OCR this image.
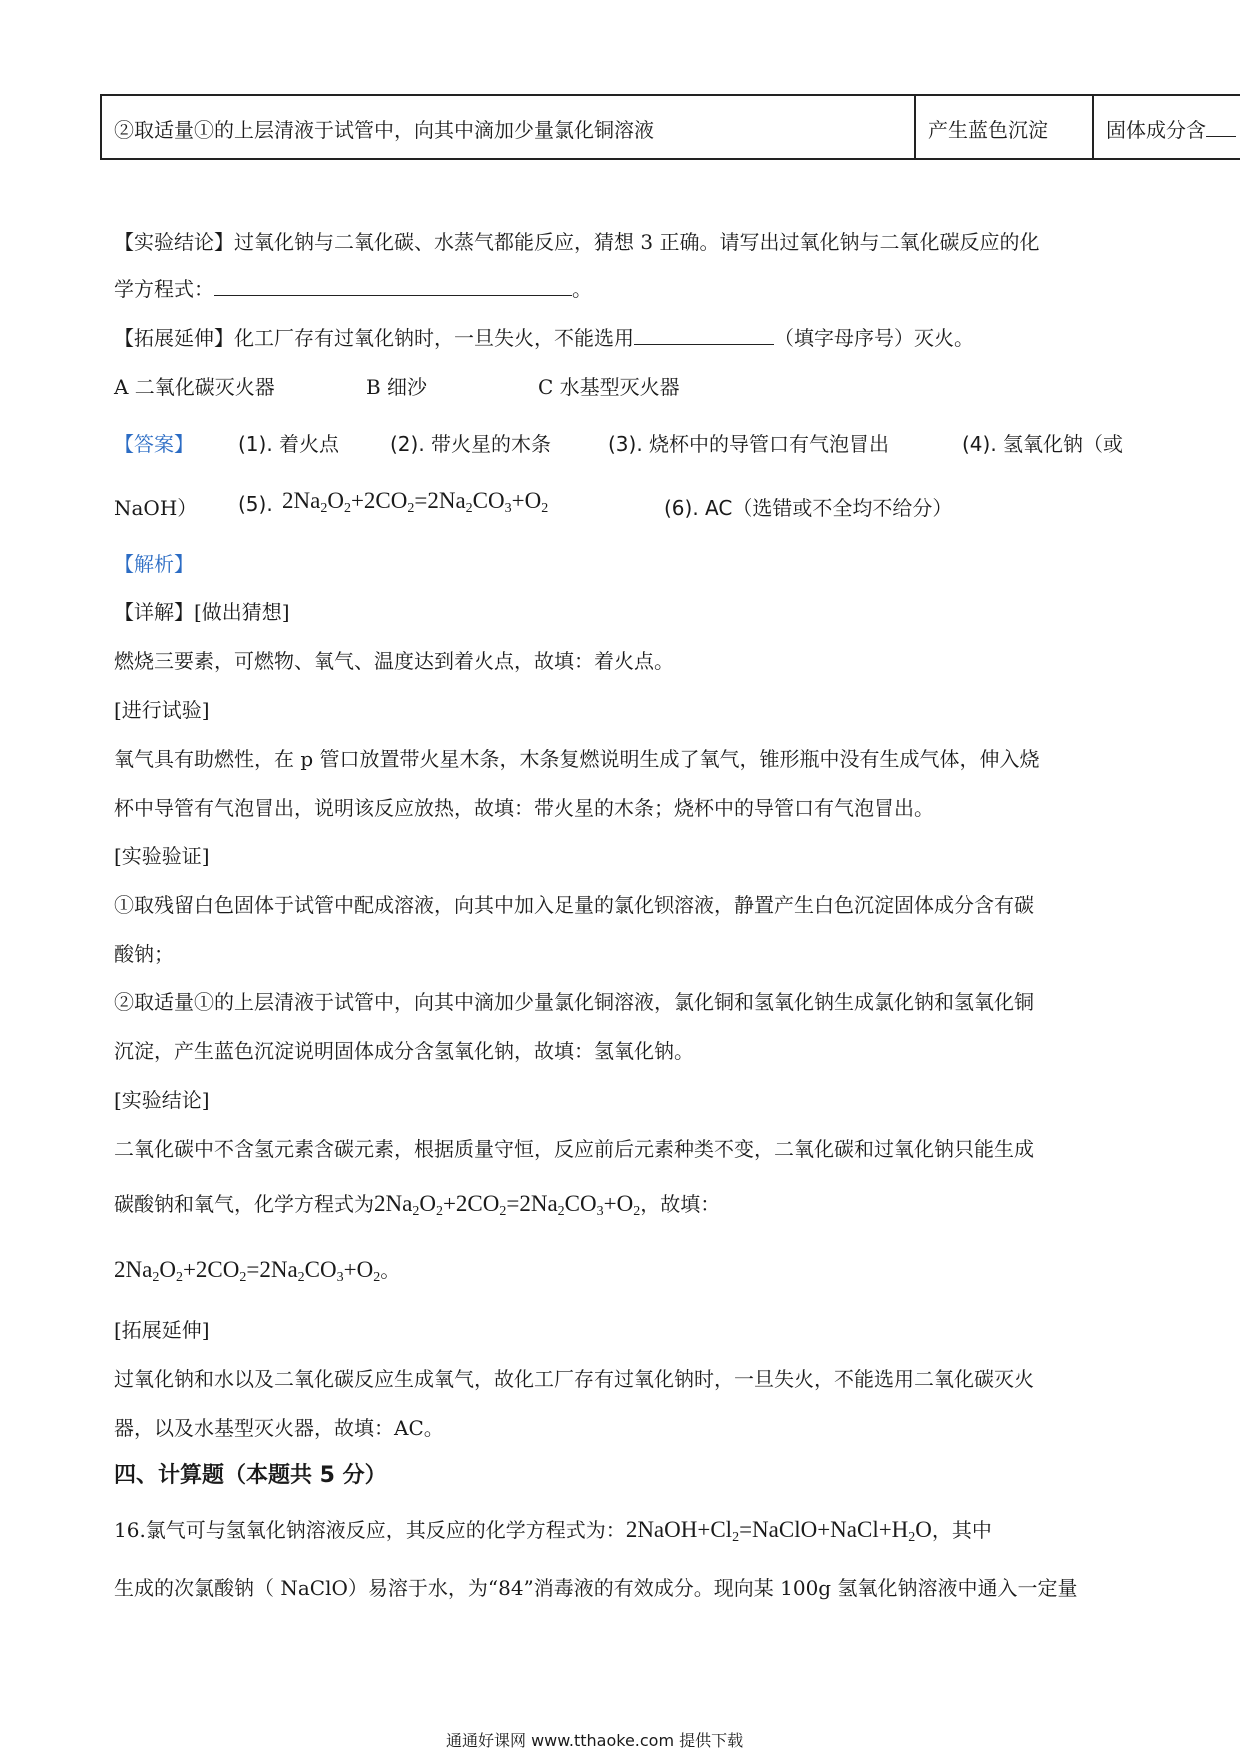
②取适量①的上层清液于试管中，向其中滴加少量氯化铜溶液	产生蓝色沉淀	固体成分含
【实验结论】过氧化钠与二氧化碳、水蒸气都能反应，猜想 3 正确。请写出过氧化钠与二氧化碳反应的化
学方程式：	。
【拓展延伸】化工厂存有过氧化钠时，一旦失火，不能选用	（填字母序号）灭火。
A 二氧化碳灭火器	B 细沙	C 水基型灭火器
【答案】 (1). 着火点	(2). 带火星的木条	(3). 烧杯中的导管口有气泡冒出	(4). 氢氧化钠（或
NaOH） (5). $2Na_2O_2+2CO_2=2Na_2CO_3+O_2$	(6). AC（选错或不全均不给分）
【解析】
【详解】[做出猜想]
燃烧三要素，可燃物、氧气、温度达到着火点，故填：着火点。
[进行试验]
氧气具有助燃性，在 p 管口放置带火星木条，木条复燃说明生成了氧气，锥形瓶中没有生成气体，伸入烧
杯中导管有气泡冒出，说明该反应放热，故填：带火星的木条；烧杯中的导管口有气泡冒出。
[实验验证]
①取残留白色固体于试管中配成溶液，向其中加入足量的氯化钡溶液，静置产生白色沉淀固体成分含有碳
酸钠；
②取适量①的上层清液于试管中，向其中滴加少量氯化铜溶液，氯化铜和氢氧化钠生成氯化钠和氢氧化铜
沉淀，产生蓝色沉淀说明固体成分含氢氧化钠，故填：氢氧化钠。
[实验结论]
二氧化碳中不含氢元素含碳元素，根据质量守恒，反应前后元素种类不变，二氧化碳和过氧化钠只能生成
碳酸钠和氧气，化学方程式为$2Na_2O_2+2CO_2=2Na_2CO_3+O_2$，故填：
$2Na_2O_2+2CO_2=2Na_2CO_3+O_2$。
[拓展延伸]
过氧化钠和水以及二氧化碳反应生成氧气，故化工厂存有过氧化钠时，一旦失火，不能选用二氧化碳灭火
器，以及水基型灭火器，故填：AC。
四、计算题（本题共 5 分）
16.氯气可与氢氧化钠溶液反应，其反应的化学方程式为：$2NaOH+Cl_2=NaClO+NaCl+H_2O$，其中
生成的次氯酸钠（ NaClO）易溶于水，为“84”消毒液的有效成分。现向某 100g 氢氧化钠溶液中通入一定量
通通好课网 www.tthaoke.com 提供下载
